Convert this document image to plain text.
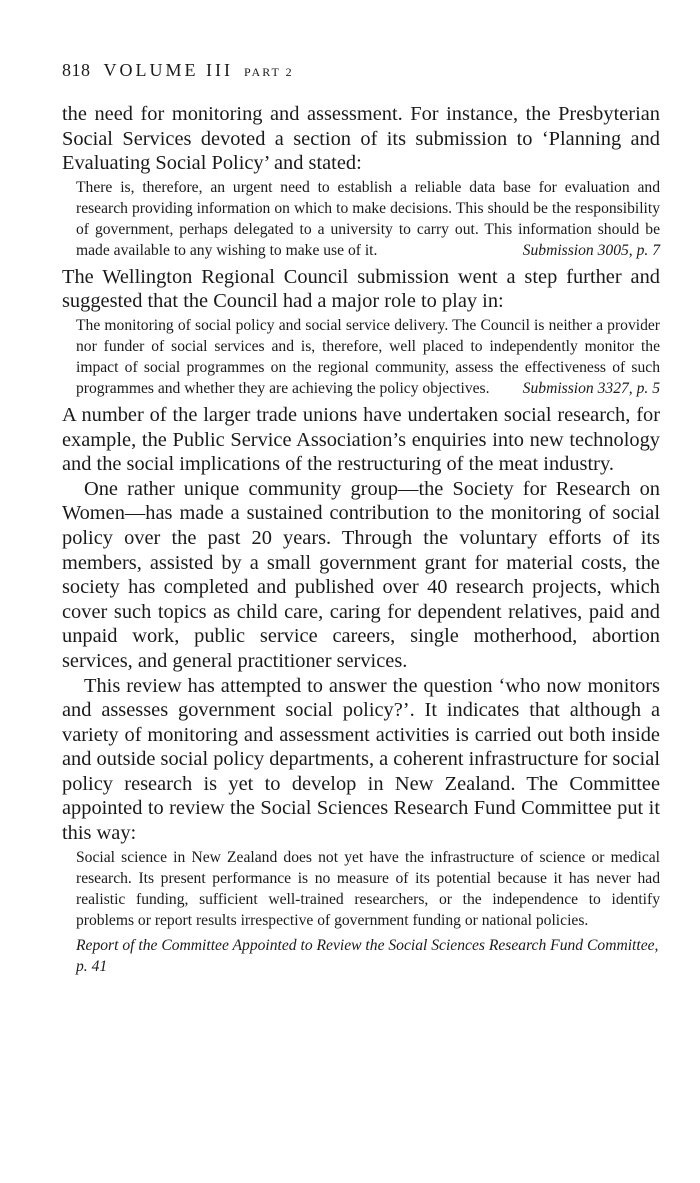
818 VOLUME III PART 2

the need for monitoring and assessment. For instance, the Presbyterian Social Services devoted a section of its submission to ‘Planning and Evaluating Social Policy’ and stated:

There is, therefore, an urgent need to establish a reliable data base for evaluation and research providing information on which to make decisions. This should be the responsibility of government, perhaps delegated to a university to carry out. This information should be made available to any wishing to make use of it.	Submission 3005, p. 7

The Wellington Regional Council submission went a step further and suggested that the Council had a major role to play in:

The monitoring of social policy and social service delivery. The Council is neither a provider nor funder of social services and is, therefore, well placed to independently monitor the impact of social programmes on the regional community, assess the effectiveness of such programmes and whether they are achieving the policy objectives. Submission 3327, p. 5

A number of the larger trade unions have undertaken social research, for example, the Public Service Association’s enquiries into new technology and the social implications of the restructuring of the meat industry.

One rather unique community group—the Society for Research on Women—has made a sustained contribution to the monitoring of social policy over the past 20 years. Through the voluntary efforts of its members, assisted by a small government grant for material costs, the society has completed and published over 40 research projects, which cover such topics as child care, caring for dependent relatives, paid and unpaid work, public service careers, single motherhood, abortion services, and general practitioner services.

This review has attempted to answer the question ‘who now monitors and assesses government social policy?’. It indicates that although a variety of monitoring and assessment activities is carried out both inside and outside social policy departments, a coherent infrastructure for social policy research is yet to develop in New Zealand. The Committee appointed to review the Social Sciences Research Fund Committee put it this way:

Social science in New Zealand does not yet have the infrastructure of science or medical research. Its present performance is no measure of its potential because it has never had realistic funding, sufficient well-trained researchers, or the independence to identify problems or report results irrespective of government funding or national policies.
Report of the Committee Appointed to Review the Social Sciences Research Fund Committee, p. 41
